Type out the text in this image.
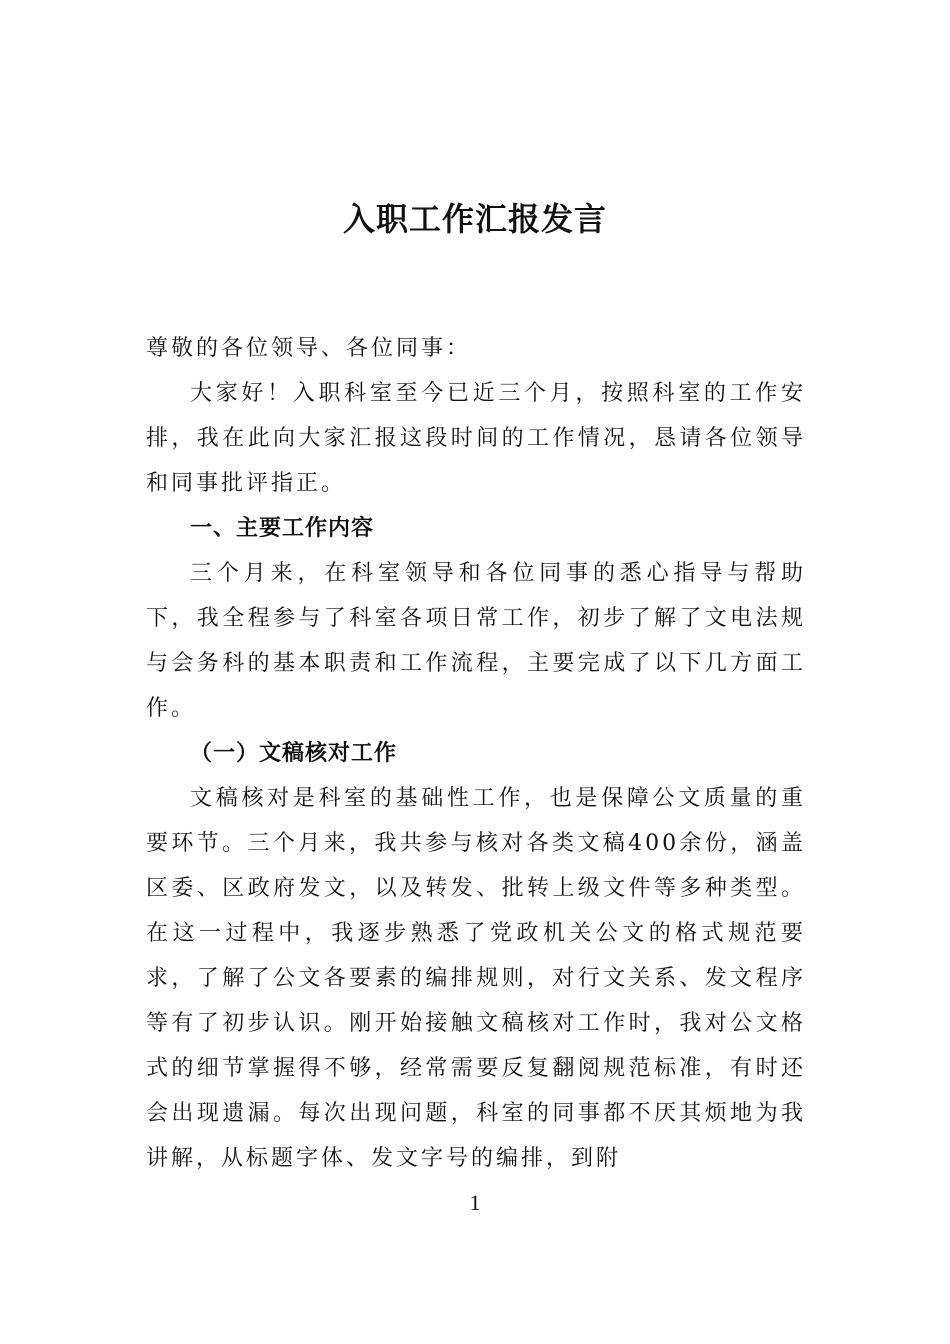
入职工作汇报发言

尊敬的各位领导、各位同事：

大家好！入职科室至今已近三个月，按照科室的工作安排，我在此向大家汇报这段时间的工作情况，恳请各位领导和同事批评指正。

一、主要工作内容

三个月来，在科室领导和各位同事的悉心指导与帮助下，我全程参与了科室各项日常工作，初步了解了文电法规与会务科的基本职责和工作流程，主要完成了以下几方面工作。

（一）文稿核对工作

文稿核对是科室的基础性工作，也是保障公文质量的重要环节。三个月来，我共参与核对各类文稿400余份，涵盖区委、区政府发文，以及转发、批转上级文件等多种类型。在这一过程中，我逐步熟悉了党政机关公文的格式规范要求，了解了公文各要素的编排规则，对行文关系、发文程序等有了初步认识。刚开始接触文稿核对工作时，我对公文格式的细节掌握得不够，经常需要反复翻阅规范标准，有时还会出现遗漏。每次出现问题，科室的同事都不厌其烦地为我讲解，从标题字体、发文字号的编排，到附

1
